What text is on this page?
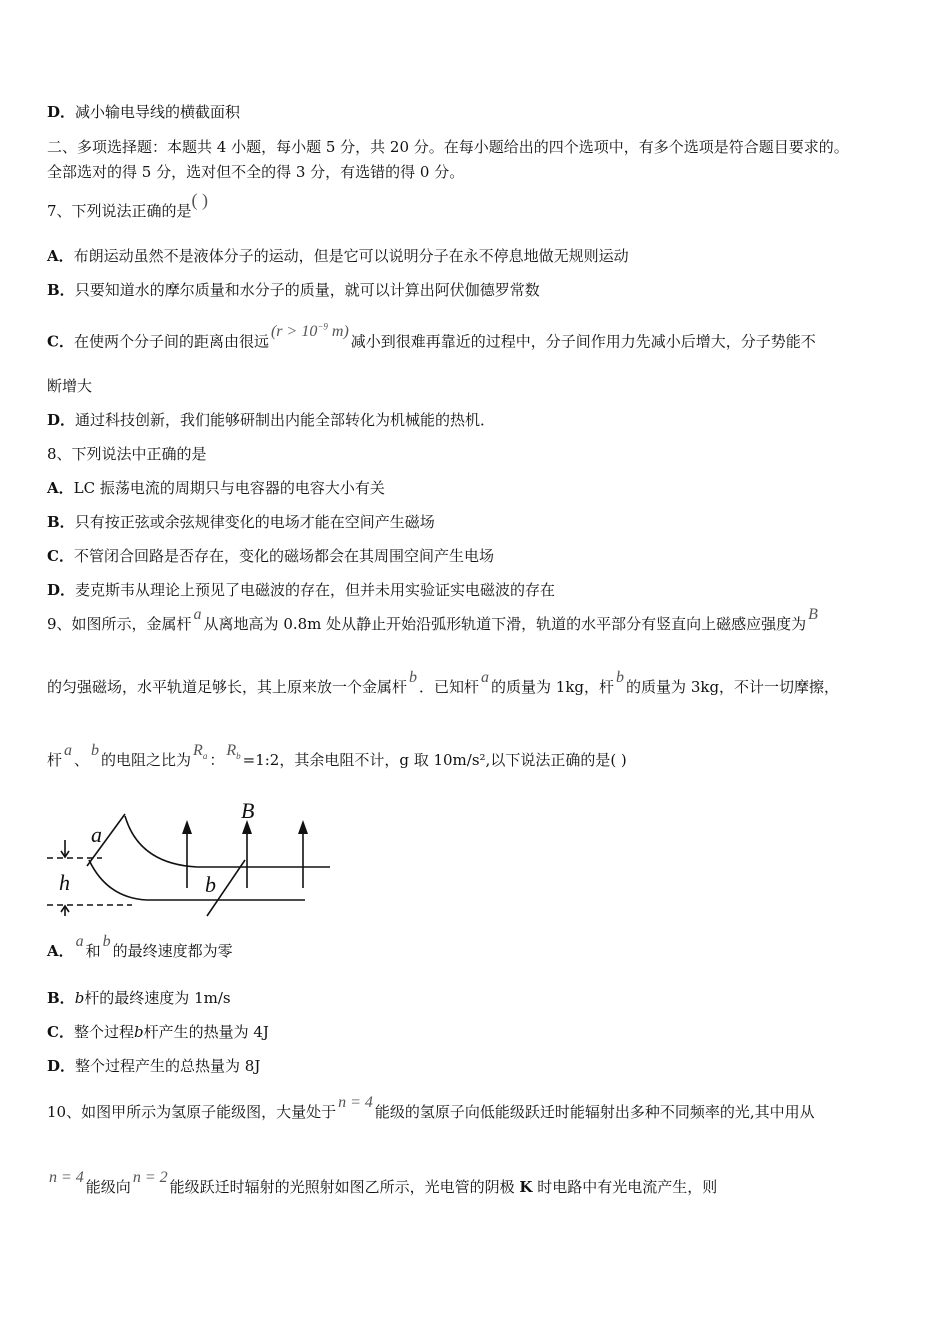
D．减小输电导线的横截面积
二、多项选择题：本题共 4 小题，每小题 5 分，共 20 分。在每小题给出的四个选项中，有多个选项是符合题目要求的。
全部选对的得 5 分，选对但不全的得 3 分，有选错的得 0 分。
7、下列说法正确的是( )
A．布朗运动虽然不是液体分子的运动，但是它可以说明分子在永不停息地做无规则运动
B．只要知道水的摩尔质量和水分子的质量，就可以计算出阿伏伽德罗常数
C．在使两个分子间的距离由很远($r > 10^{-9}$ m)减小到很难再靠近的过程中，分子间作用力先减小后增大，分子势能不
断增大
D．通过科技创新，我们能够研制出内能全部转化为机械能的热机．
8、下列说法中正确的是
A．LC 振荡电流的周期只与电容器的电容大小有关
B．只有按正弦或余弦规律变化的电场才能在空间产生磁场
C．不管闭合回路是否存在，变化的磁场都会在其周围空间产生电场
D．麦克斯韦从理论上预见了电磁波的存在，但并未用实验证实电磁波的存在
9、如图所示，金属杆a从离地高为 0.8m 处从静止开始沿弧形轨道下滑，轨道的水平部分有竖直向上磁感应强度为B
的匀强磁场，水平轨道足够长，其上原来放一个金属杆b．已知杆a的质量为 1kg，杆b的质量为 3kg，不计一切摩擦，
杆a、b的电阻之比为$R_a$ ：$R_b$ =1:2，其余电阻不计，g 取 10m/s²,以下说法正确的是( )
a
b
B
h
A．a和b的最终速度都为零
B．b杆的最终速度为 1m/s
C．整个过程b杆产生的热量为 4J
D．整个过程产生的总热量为 8J
10、如图甲所示为氢原子能级图，大量处于n = 4能级的氢原子向低能级跃迁时能辐射出多种不同频率的光,其中用从
n = 4能级向n = 2能级跃迁时辐射的光照射如图乙所示，光电管的阴极 K 时电路中有光电流产生，则
